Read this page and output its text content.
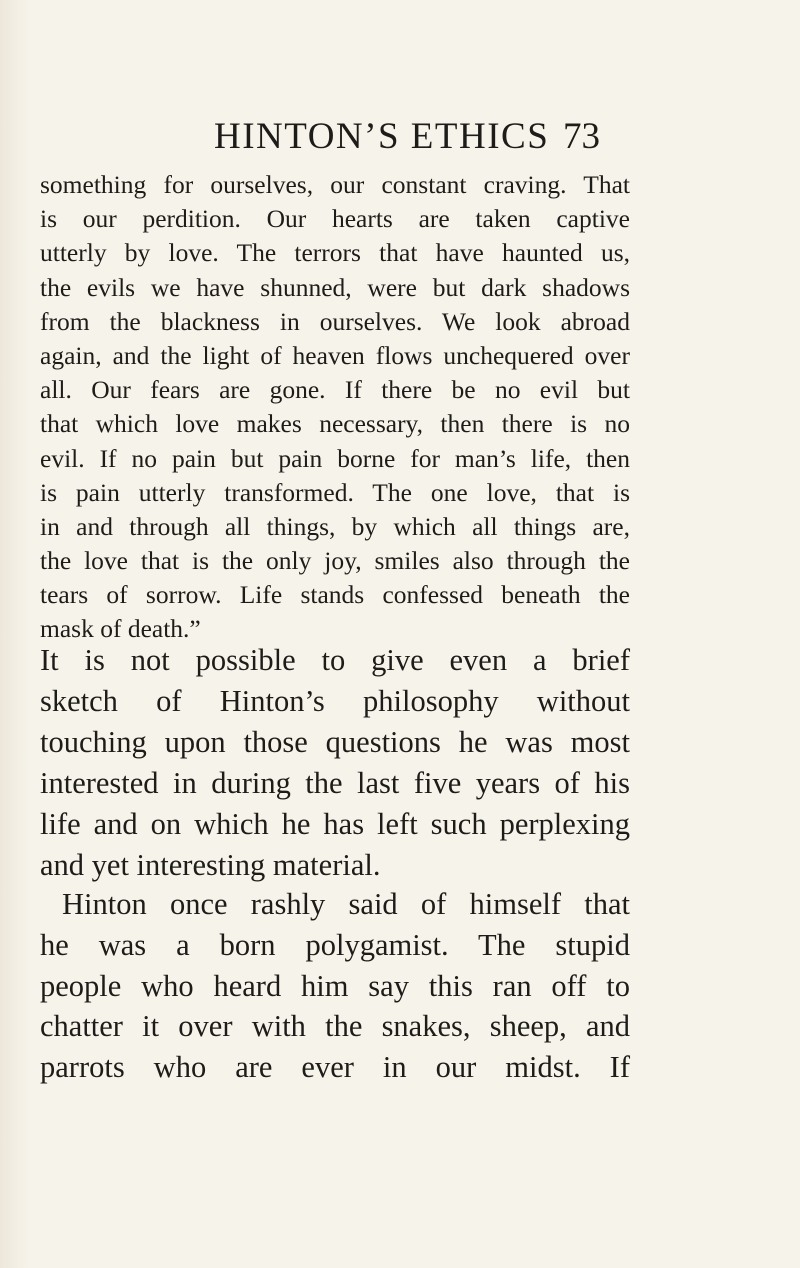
HINTON’S ETHICS 73
something for ourselves, our constant craving. That
is our perdition. Our hearts are taken captive
utterly by love. The terrors that have haunted us,
the evils we have shunned, were but dark shadows
from the blackness in ourselves. We look abroad
again, and the light of heaven flows unchequered over
all. Our fears are gone. If there be no evil but
that which love makes necessary, then there is no
evil. If no pain but pain borne for man’s life, then
is pain utterly transformed. The one love, that is
in and through all things, by which all things are,
the love that is the only joy, smiles also through the
tears of sorrow. Life stands confessed beneath the
mask of death.”
It is not possible to give even a brief
sketch of Hinton’s philosophy without
touching upon those questions he was most
interested in during the last five years of his
life and on which he has left such perplexing
and yet interesting material.
Hinton once rashly said of himself that
he was a born polygamist. The stupid
people who heard him say this ran off to
chatter it over with the snakes, sheep, and
parrots who are ever in our midst. If
